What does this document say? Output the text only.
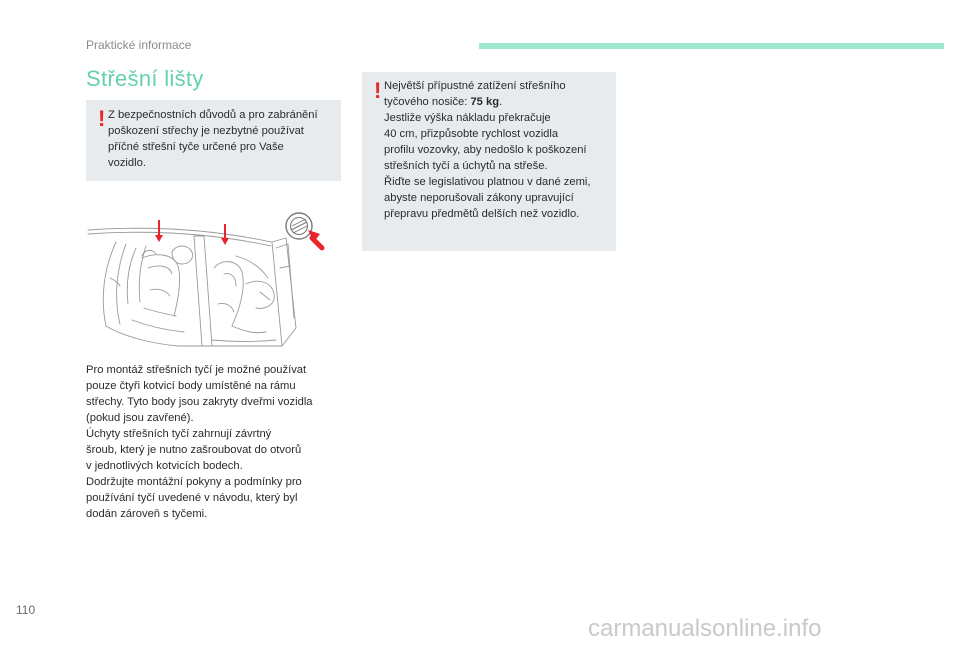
Praktické informace
Střešní lišty
! Z bezpečnostních důvodů a pro zabránění
poškození střechy je nezbytné používat
příčné střešní tyče určené pro Vaše
vozidlo.
! Největší přípustné zatížení střešního
tyčového nosiče: 75 kg.
Jestliže výška nákladu překračuje
40 cm, přizpůsobte rychlost vozidla
profilu vozovky, aby nedošlo k poškození
střešních tyčí a úchytů na střeše.
Řiďte se legislativou platnou v dané zemi,
abyste neporušovali zákony upravující
přepravu předmětů delších než vozidlo.
Pro montáž střešních tyčí je možné používat
pouze čtyři kotvicí body umístěné na rámu
střechy. Tyto body jsou zakryty dveřmi vozidla
(pokud jsou zavřené).
Úchyty střešních tyčí zahrnují závrtný
šroub, který je nutno zašroubovat do otvorů
v jednotlivých kotvicích bodech.
Dodržujte montážní pokyny a podmínky pro
používání tyčí uvedené v návodu, který byl
dodán zároveň s tyčemi.
110
carmanualsonline.info
